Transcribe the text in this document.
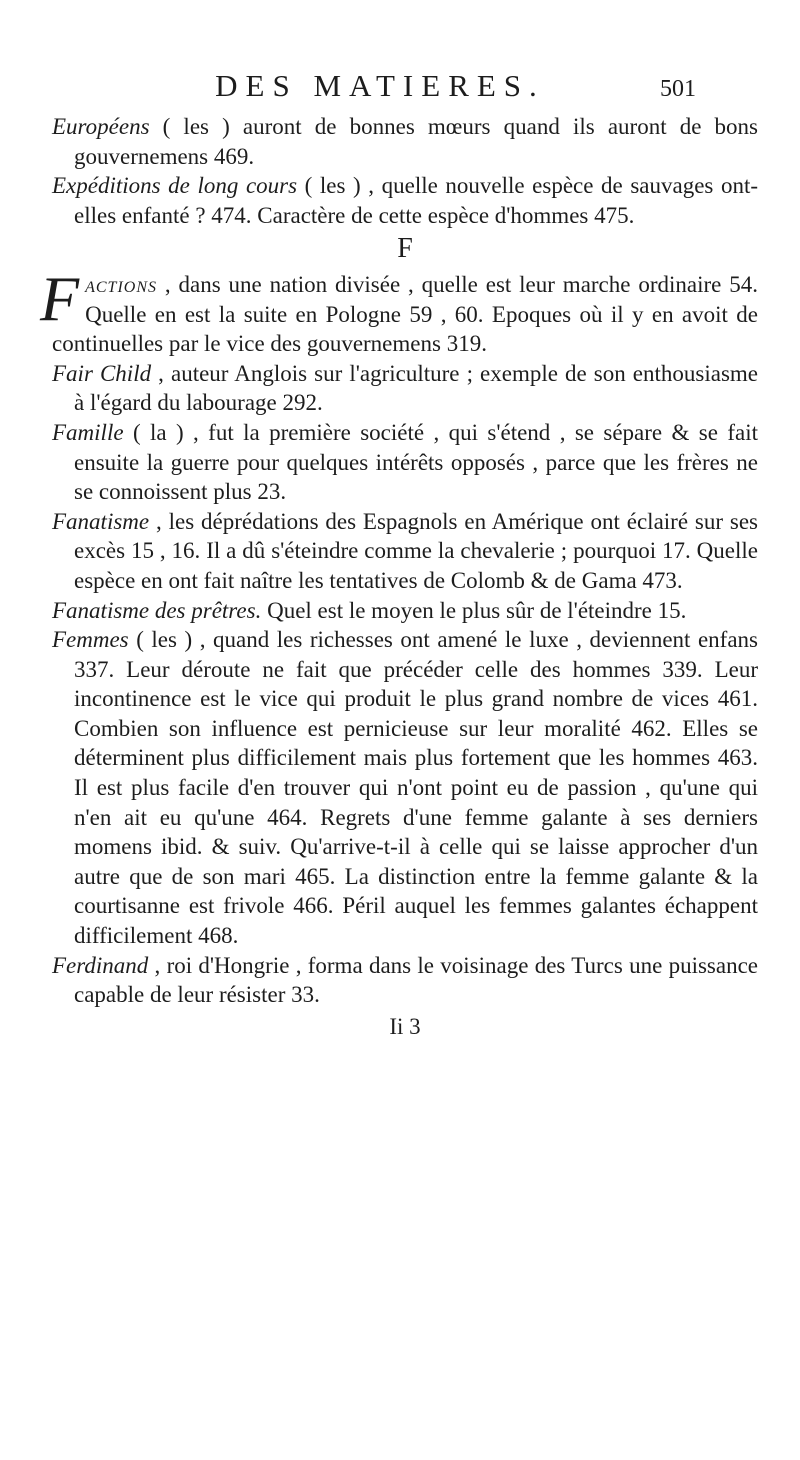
DES MATIERES.	501

Européens ( les ) auront de bonnes mœurs quand ils auront de bons gouvernemens 469.

Expéditions de long cours ( les ) , quelle nouvelle espèce de sauvages ont-elles enfanté ? 474. Caractère de cette espèce d'hommes 475.

F

Factions , dans une nation divisée , quelle est leur marche ordinaire 54. Quelle en est la suite en Pologne 59 , 60. Epoques où il y en avoit de continuelles par le vice des gouvernemens 319.

Fair Child , auteur Anglois sur l'agriculture ; exemple de son enthousiasme à l'égard du labourage 292.

Famille ( la ) , fut la première société , qui s'étend , se sépare & se fait ensuite la guerre pour quelques intérêts opposés , parce que les frères ne se connoissent plus 23.

Fanatisme , les déprédations des Espagnols en Amérique ont éclairé sur ses excès 15 , 16. Il a dû s'éteindre comme la chevalerie ; pourquoi 17. Quelle espèce en ont fait naître les tentatives de Colomb & de Gama 473.

Fanatisme des prêtres. Quel est le moyen le plus sûr de l'éteindre 15.

Femmes ( les ) , quand les richesses ont amené le luxe , deviennent enfans 337. Leur déroute ne fait que précéder celle des hommes 339. Leur incontinence est le vice qui produit le plus grand nombre de vices 461. Combien son influence est pernicieuse sur leur moralité 462. Elles se déterminent plus difficilement mais plus fortement que les hommes 463. Il est plus facile d'en trouver qui n'ont point eu de passion , qu'une qui n'en ait eu qu'une 464. Regrets d'une femme galante à ses derniers momens ibid. & suiv. Qu'arrive-t-il à celle qui se laisse approcher d'un autre que de son mari 465. La distinction entre la femme galante & la courtisanne est frivole 466. Péril auquel les femmes galantes échappent difficilement 468.

Ferdinand , roi d'Hongrie , forma dans le voisinage des Turcs une puissance capable de leur résister 33.

Ii 3
